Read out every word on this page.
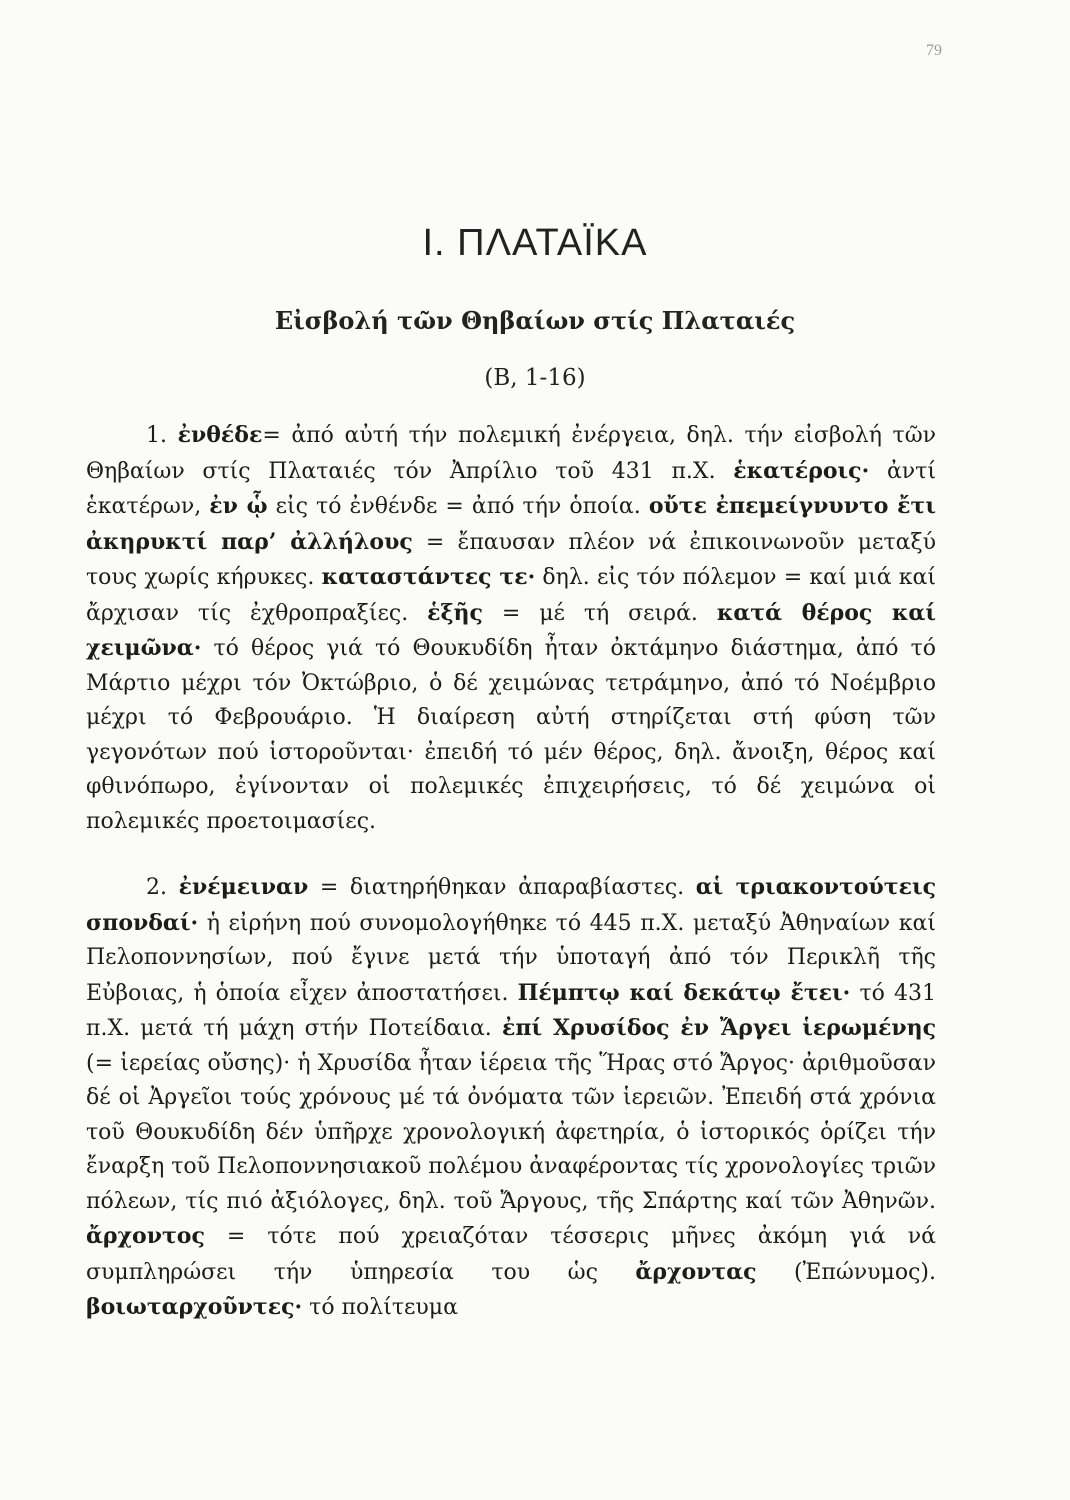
79
I. ΠΛΑΤΑΪΚΑ
Εἰσβολή τῶν Θηβαίων στίς Πλαταιές
(Β, 1-16)

1. ἐνθέδε= ἀπό αὐτή τήν πολεμική ἐνέργεια, δηλ. τήν εἰσβολή τῶν Θηβαίων στίς Πλαταιές τόν Ἀπρίλιο τοῦ 431 π.Χ. ἑκατέροις· ἀντί ἑκατέρων, ἐν ᾧ εἰς τό ἐνθένδε = ἀπό τήν ὁποία. οὔτε ἐπεμείγνυντο ἔτι ἀκηρυκτί παρ’ ἀλλήλους = ἔπαυσαν πλέον νά ἐπικοινωνοῦν μεταξύ τους χωρίς κήρυκες. καταστάντες τε· δηλ. εἰς τόν πόλεμον = καί μιά καί ἄρχισαν τίς ἐχθροπραξίες. ἑξῆς = μέ τή σειρά. κατά θέρος καί χειμῶνα· τό θέρος γιά τό Θουκυδίδη ἦταν ὀκτάμηνο διάστημα, ἀπό τό Μάρτιο μέχρι τόν Ὀκτώβριο, ὁ δέ χειμώνας τετράμηνο, ἀπό τό Νοέμβριο μέχρι τό Φεβρουάριο. Ἡ διαίρεση αὐτή στηρίζεται στή φύση τῶν γεγονότων πού ἱστοροῦνται· ἐπειδή τό μέν θέρος, δηλ. ἄνοιξη, θέρος καί φθινόπωρο, ἐγίνονταν οἱ πολεμικές ἐπιχειρήσεις, τό δέ χειμώνα οἱ πολεμικές προετοιμασίες.

2. ἐνέμειναν = διατηρήθηκαν ἀπαραβίαστες. αἱ τριακοντούτεις σπονδαί· ἡ εἰρήνη πού συνομολογήθηκε τό 445 π.Χ. μεταξύ Ἀθηναίων καί Πελοποννησίων, πού ἔγινε μετά τήν ὑποταγή ἀπό τόν Περικλῆ τῆς Εὐβοιας, ἡ ὁποία εἶχεν ἀποστατήσει. Πέμπτῳ καί δεκάτῳ ἔτει· τό 431 π.Χ. μετά τή μάχη στήν Ποτείδαια. ἐπί Χρυσίδος ἐν Ἄργει ἱερωμένης (= ἱερείας οὔσης)· ἡ Χρυσίδα ἦταν ἱέρεια τῆς Ἥρας στό Ἄργος· ἀριθμοῦσαν δέ οἱ Ἀργεῖοι τούς χρόνους μέ τά ὀνόματα τῶν ἱερειῶν. Ἐπειδή στά χρόνια τοῦ Θουκυδίδη δέν ὑπῆρχε χρονολογική ἀφετηρία, ὁ ἱστορικός ὁρίζει τήν ἔναρξη τοῦ Πελοποννησιακοῦ πολέμου ἀναφέροντας τίς χρονολογίες τριῶν πόλεων, τίς πιό ἀξιόλογες, δηλ. τοῦ Ἄργους, τῆς Σπάρτης καί τῶν Ἀθηνῶν. ἄρχοντος = τότε πού χρειαζόταν τέσσερις μῆνες ἀκόμη γιά νά συμπληρώσει τήν ὑπηρεσία του ὡς ἄρχοντας (Ἐπώνυμος). βοιωταρχοῦντες· τό πολίτευμα
